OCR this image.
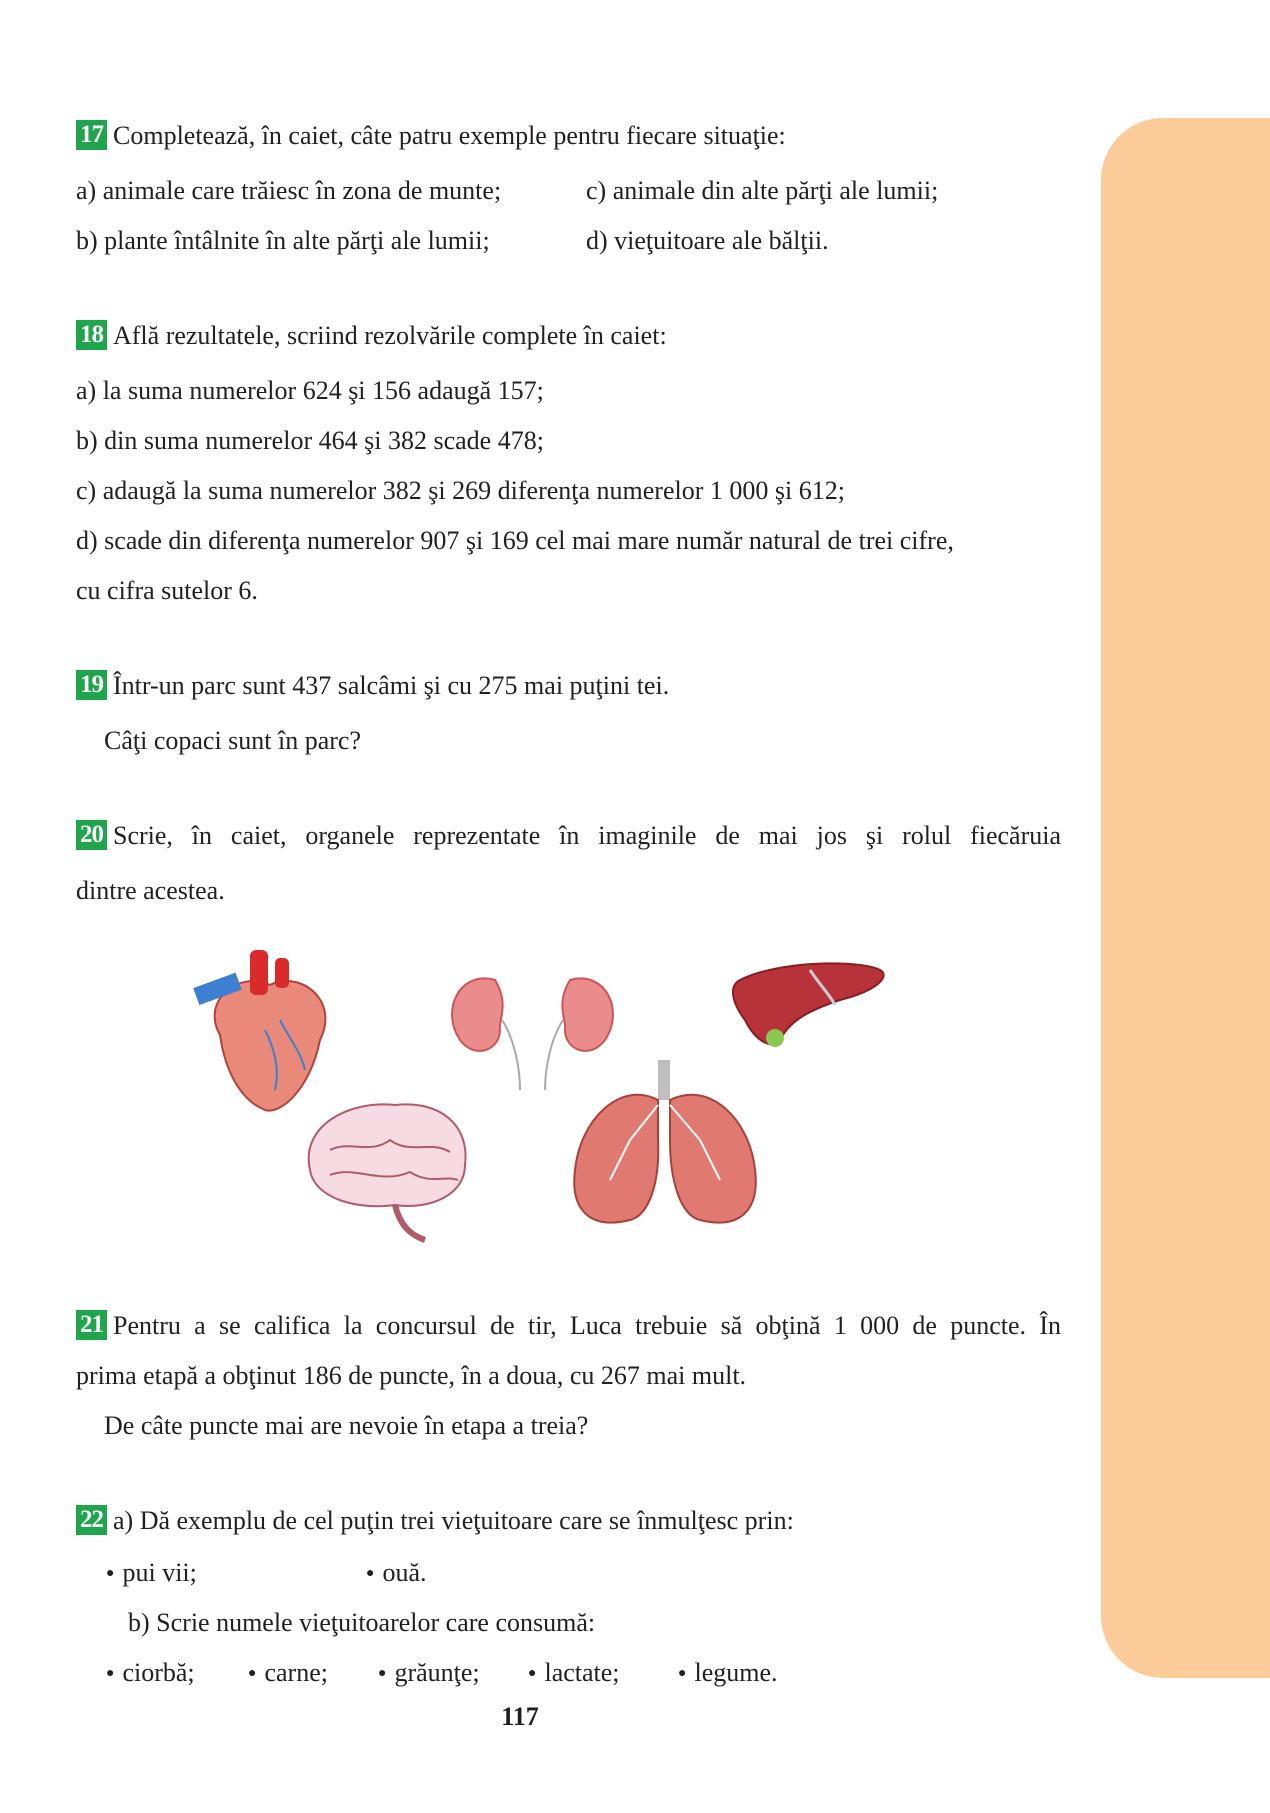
17 Completează, în caiet, câte patru exemple pentru fiecare situaţie:
a) animale care trăiesc în zona de munte;	c) animale din alte părţi ale lumii;
b) plante întâlnite în alte părţi ale lumii;	d) vieţuitoare ale bălţii.
18 Află rezultatele, scriind rezolvările complete în caiet:
a) la suma numerelor 624 şi 156 adaugă 157;
b) din suma numerelor 464 şi 382 scade 478;
c) adaugă la suma numerelor 382 şi 269 diferenţa numerelor 1 000 şi 612;
d) scade din diferenţa numerelor 907 şi 169 cel mai mare număr natural de trei cifre,
cu cifra sutelor 6.
19 Într-un parc sunt 437 salcâmi şi cu 275 mai puţini tei.
Câţi copaci sunt în parc?
20 Scrie, în caiet, organele reprezentate în imaginile de mai jos şi rolul fiecăruia
dintre acestea.
21 Pentru a se califica la concursul de tir, Luca trebuie să obţină 1 000 de puncte. În
prima etapă a obţinut 186 de puncte, în a doua, cu 267 mai mult.
De câte puncte mai are nevoie în etapa a treia?
22 a) Dă exemplu de cel puţin trei vieţuitoare care se înmulţesc prin:
● pui vii;	● ouă.
b) Scrie numele vieţuitoarelor care consumă:
● ciorbă;	● carne;	● grăunţe;	● lactate;	● legume.
117
